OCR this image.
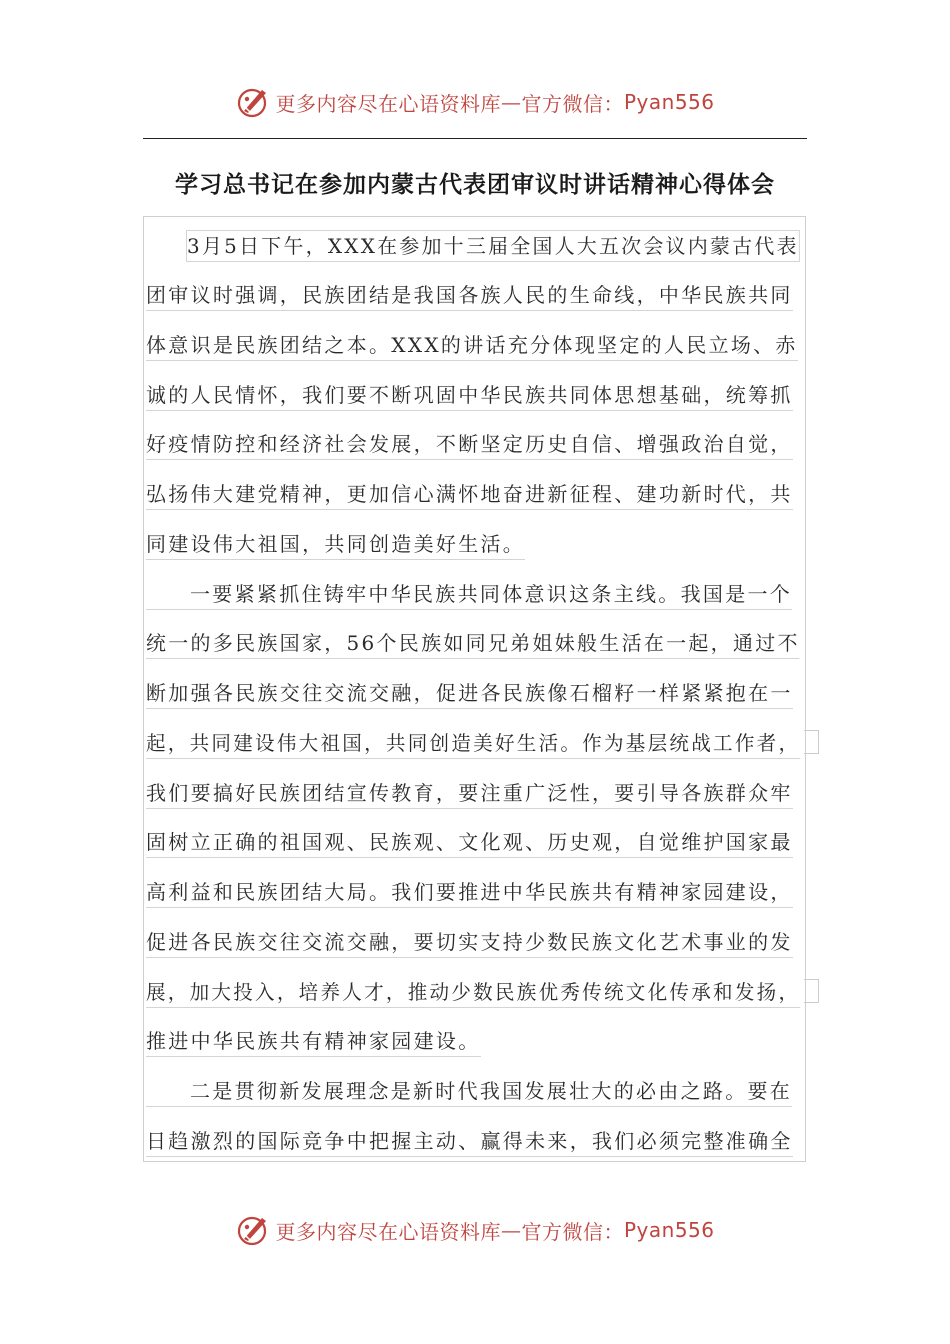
更多内容尽在心语资料库 — 官方微信： Pyan556
学习总书记在参加内蒙古代表团审议时讲话精神心得体会
3月5日下午，XXX在参加十三届全国人大五次会议内蒙古代表
团审议时强调，民族团结是我国各族人民的生命线，中华民族共同
体意识是民族团结之本。XXX的讲话充分体现坚定的人民立场、赤
诚的人民情怀，我们要不断巩固中华民族共同体思想基础，统筹抓
好疫情防控和经济社会发展，不断坚定历史自信、增强政治自觉，
弘扬伟大建党精神，更加信心满怀地奋进新征程、建功新时代，共
同建设伟大祖国，共同创造美好生活。
一要紧紧抓住铸牢中华民族共同体意识这条主线。我国是一个
统一的多民族国家，56个民族如同兄弟姐妹般生活在一起，通过不
断加强各民族交往交流交融，促进各民族像石榴籽一样紧紧抱在一
起，共同建设伟大祖国，共同创造美好生活。作为基层统战工作者，
我们要搞好民族团结宣传教育，要注重广泛性，要引导各族群众牢
固树立正确的祖国观、民族观、文化观、历史观，自觉维护国家最
高利益和民族团结大局。我们要推进中华民族共有精神家园建设，
促进各民族交往交流交融，要切实支持少数民族文化艺术事业的发
展，加大投入，培养人才，推动少数民族优秀传统文化传承和发扬，
推进中华民族共有精神家园建设。
二是贯彻新发展理念是新时代我国发展壮大的必由之路。要在
日趋激烈的国际竞争中把握主动、赢得未来，我们必须完整准确全
更多内容尽在心语资料库 — 官方微信： Pyan556
